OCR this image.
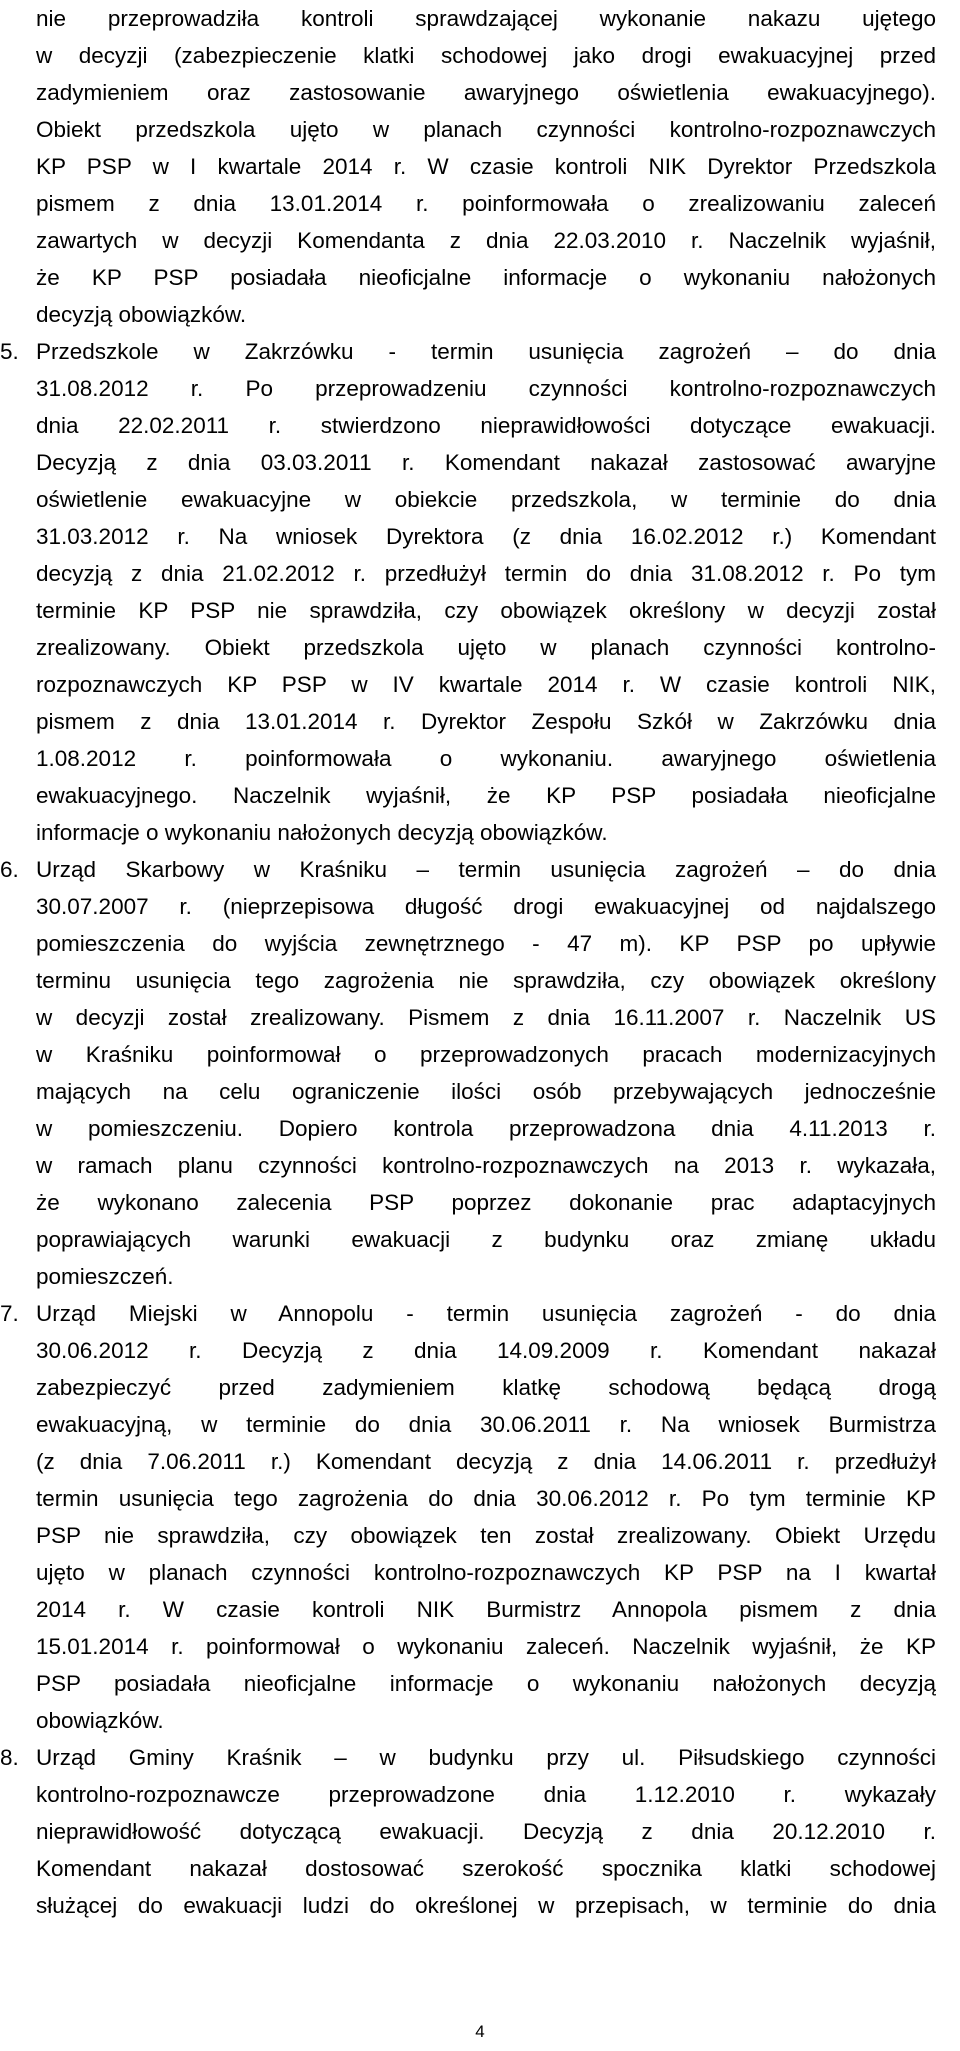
nie przeprowadziła kontroli sprawdzającej wykonanie nakazu ujętego
w decyzji (zabezpieczenie klatki schodowej jako drogi ewakuacyjnej przed
zadymieniem oraz zastosowanie awaryjnego oświetlenia ewakuacyjnego).
Obiekt przedszkola ujęto w planach czynności kontrolno-rozpoznawczych
KP PSP w I kwartale 2014 r. W czasie kontroli NIK Dyrektor Przedszkola
pismem z dnia 13.01.2014 r. poinformowała o zrealizowaniu zaleceń
zawartych w decyzji Komendanta z dnia 22.03.2010 r. Naczelnik wyjaśnił,
że KP PSP posiadała nieoficjalne informacje o wykonaniu nałożonych
decyzją obowiązków.
5. Przedszkole w Zakrzówku - termin usunięcia zagrożeń – do dnia
31.08.2012 r. Po przeprowadzeniu czynności kontrolno-rozpoznawczych
dnia 22.02.2011 r. stwierdzono nieprawidłowości dotyczące ewakuacji.
Decyzją z dnia 03.03.2011 r. Komendant nakazał zastosować awaryjne
oświetlenie ewakuacyjne w obiekcie przedszkola, w terminie do dnia
31.03.2012 r. Na wniosek Dyrektora (z dnia 16.02.2012 r.) Komendant
decyzją z dnia 21.02.2012 r. przedłużył termin do dnia 31.08.2012 r. Po tym
terminie KP PSP nie sprawdziła, czy obowiązek określony w decyzji został
zrealizowany. Obiekt przedszkola ujęto w planach czynności kontrolno-
rozpoznawczych KP PSP w IV kwartale 2014 r. W czasie kontroli NIK,
pismem z dnia 13.01.2014 r. Dyrektor Zespołu Szkół w Zakrzówku dnia
1.08.2012 r. poinformowała o wykonaniu. awaryjnego oświetlenia
ewakuacyjnego. Naczelnik wyjaśnił, że KP PSP posiadała nieoficjalne
informacje o wykonaniu nałożonych decyzją obowiązków.
6. Urząd Skarbowy w Kraśniku – termin usunięcia zagrożeń – do dnia
30.07.2007 r. (nieprzepisowa długość drogi ewakuacyjnej od najdalszego
pomieszczenia do wyjścia zewnętrznego - 47 m). KP PSP po upływie
terminu usunięcia tego zagrożenia nie sprawdziła, czy obowiązek określony
w decyzji został zrealizowany. Pismem z dnia 16.11.2007 r. Naczelnik US
w Kraśniku poinformował o przeprowadzonych pracach modernizacyjnych
mających na celu ograniczenie ilości osób przebywających jednocześnie
w pomieszczeniu. Dopiero kontrola przeprowadzona dnia 4.11.2013 r.
w ramach planu czynności kontrolno-rozpoznawczych na 2013 r. wykazała,
że wykonano zalecenia PSP poprzez dokonanie prac adaptacyjnych
poprawiających warunki ewakuacji z budynku oraz zmianę układu
pomieszczeń.
7. Urząd Miejski w Annopolu - termin usunięcia zagrożeń - do dnia
30.06.2012 r. Decyzją z dnia 14.09.2009 r. Komendant nakazał
zabezpieczyć przed zadymieniem klatkę schodową będącą drogą
ewakuacyjną, w terminie do dnia 30.06.2011 r. Na wniosek Burmistrza
(z dnia 7.06.2011 r.) Komendant decyzją z dnia 14.06.2011 r. przedłużył
termin usunięcia tego zagrożenia do dnia 30.06.2012 r. Po tym terminie KP
PSP nie sprawdziła, czy obowiązek ten został zrealizowany. Obiekt Urzędu
ujęto w planach czynności kontrolno-rozpoznawczych KP PSP na I kwartał
2014 r. W czasie kontroli NIK Burmistrz Annopola pismem z dnia
15.01.2014 r. poinformował o wykonaniu zaleceń. Naczelnik wyjaśnił, że KP
PSP posiadała nieoficjalne informacje o wykonaniu nałożonych decyzją
obowiązków.
8. Urząd Gminy Kraśnik – w budynku przy ul. Piłsudskiego czynności
kontrolno-rozpoznawcze przeprowadzone dnia 1.12.2010 r. wykazały
nieprawidłowość dotyczącą ewakuacji. Decyzją z dnia 20.12.2010 r.
Komendant nakazał dostosować szerokość spocznika klatki schodowej
służącej do ewakuacji ludzi do określonej w przepisach, w terminie do dnia
4
